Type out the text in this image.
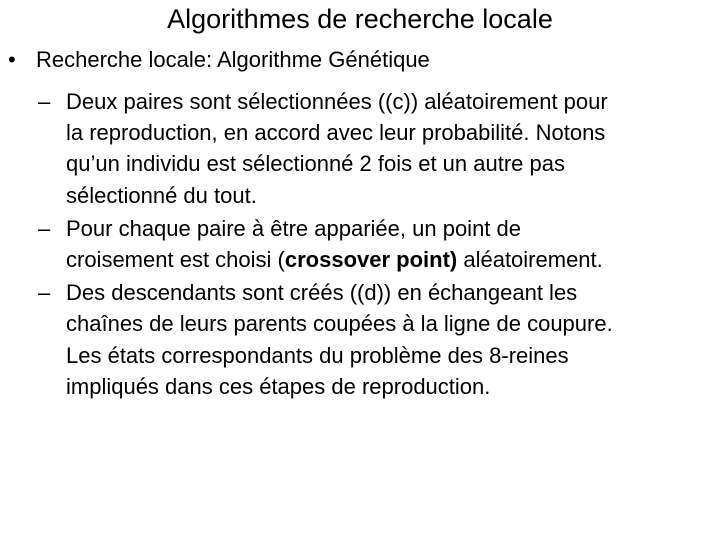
Algorithmes de recherche locale
• Recherche locale: Algorithme Génétique
– Deux paires sont sélectionnées ((c)) aléatoirement pour
la reproduction, en accord avec leur probabilité. Notons
qu’un individu est sélectionné 2 fois et un autre pas
sélectionné du tout.
– Pour chaque paire à être appariée, un point de
croisement est choisi (crossover point) aléatoirement.
– Des descendants sont créés ((d)) en échangeant les
chaînes de leurs parents coupées à la ligne de coupure.
Les états correspondants du problème des 8-reines
impliqués dans ces étapes de reproduction.
